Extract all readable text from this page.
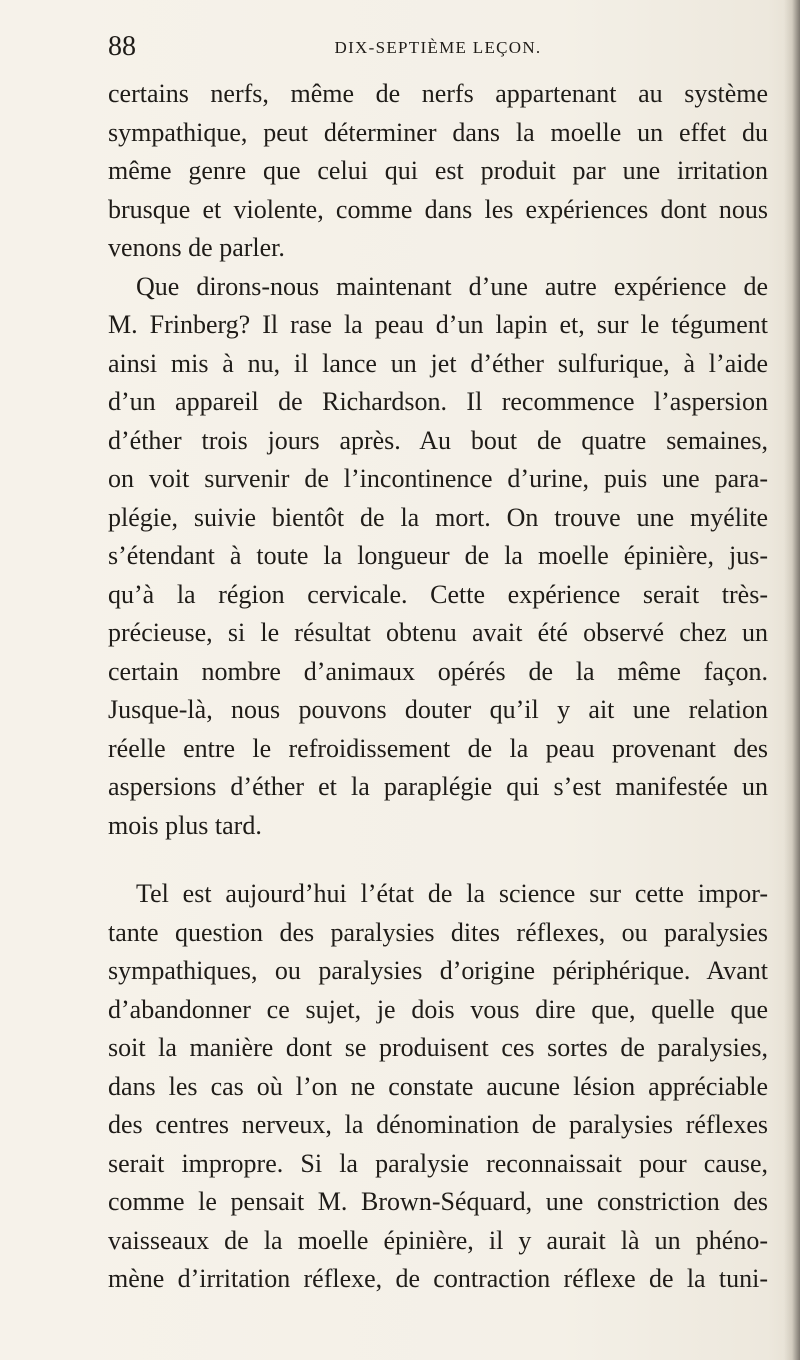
88	DIX-SEPTIÈME LEÇON.
certains nerfs, même de nerfs appartenant au système
sympathique, peut déterminer dans la moelle un effet du
même genre que celui qui est produit par une irritation
brusque et violente, comme dans les expériences dont nous
venons de parler.
Que dirons-nous maintenant d’une autre expérience de
M. Frinberg? Il rase la peau d’un lapin et, sur le tégument
ainsi mis à nu, il lance un jet d’éther sulfurique, à l’aide
d’un appareil de Richardson. Il recommence l’aspersion
d’éther trois jours après. Au bout de quatre semaines,
on voit survenir de l’incontinence d’urine, puis une para-
plégie, suivie bientôt de la mort. On trouve une myélite
s’étendant à toute la longueur de la moelle épinière, jus-
qu’à la région cervicale. Cette expérience serait très-
précieuse, si le résultat obtenu avait été observé chez un
certain nombre d’animaux opérés de la même façon.
Jusque-là, nous pouvons douter qu’il y ait une relation
réelle entre le refroidissement de la peau provenant des
aspersions d’éther et la paraplégie qui s’est manifestée un
mois plus tard.
Tel est aujourd’hui l’état de la science sur cette impor-
tante question des paralysies dites réflexes, ou paralysies
sympathiques, ou paralysies d’origine périphérique. Avant
d’abandonner ce sujet, je dois vous dire que, quelle que
soit la manière dont se produisent ces sortes de paralysies,
dans les cas où l’on ne constate aucune lésion appréciable
des centres nerveux, la dénomination de paralysies réflexes
serait impropre. Si la paralysie reconnaissait pour cause,
comme le pensait M. Brown-Séquard, une constriction des
vaisseaux de la moelle épinière, il y aurait là un phéno-
mène d’irritation réflexe, de contraction réflexe de la tuni-
